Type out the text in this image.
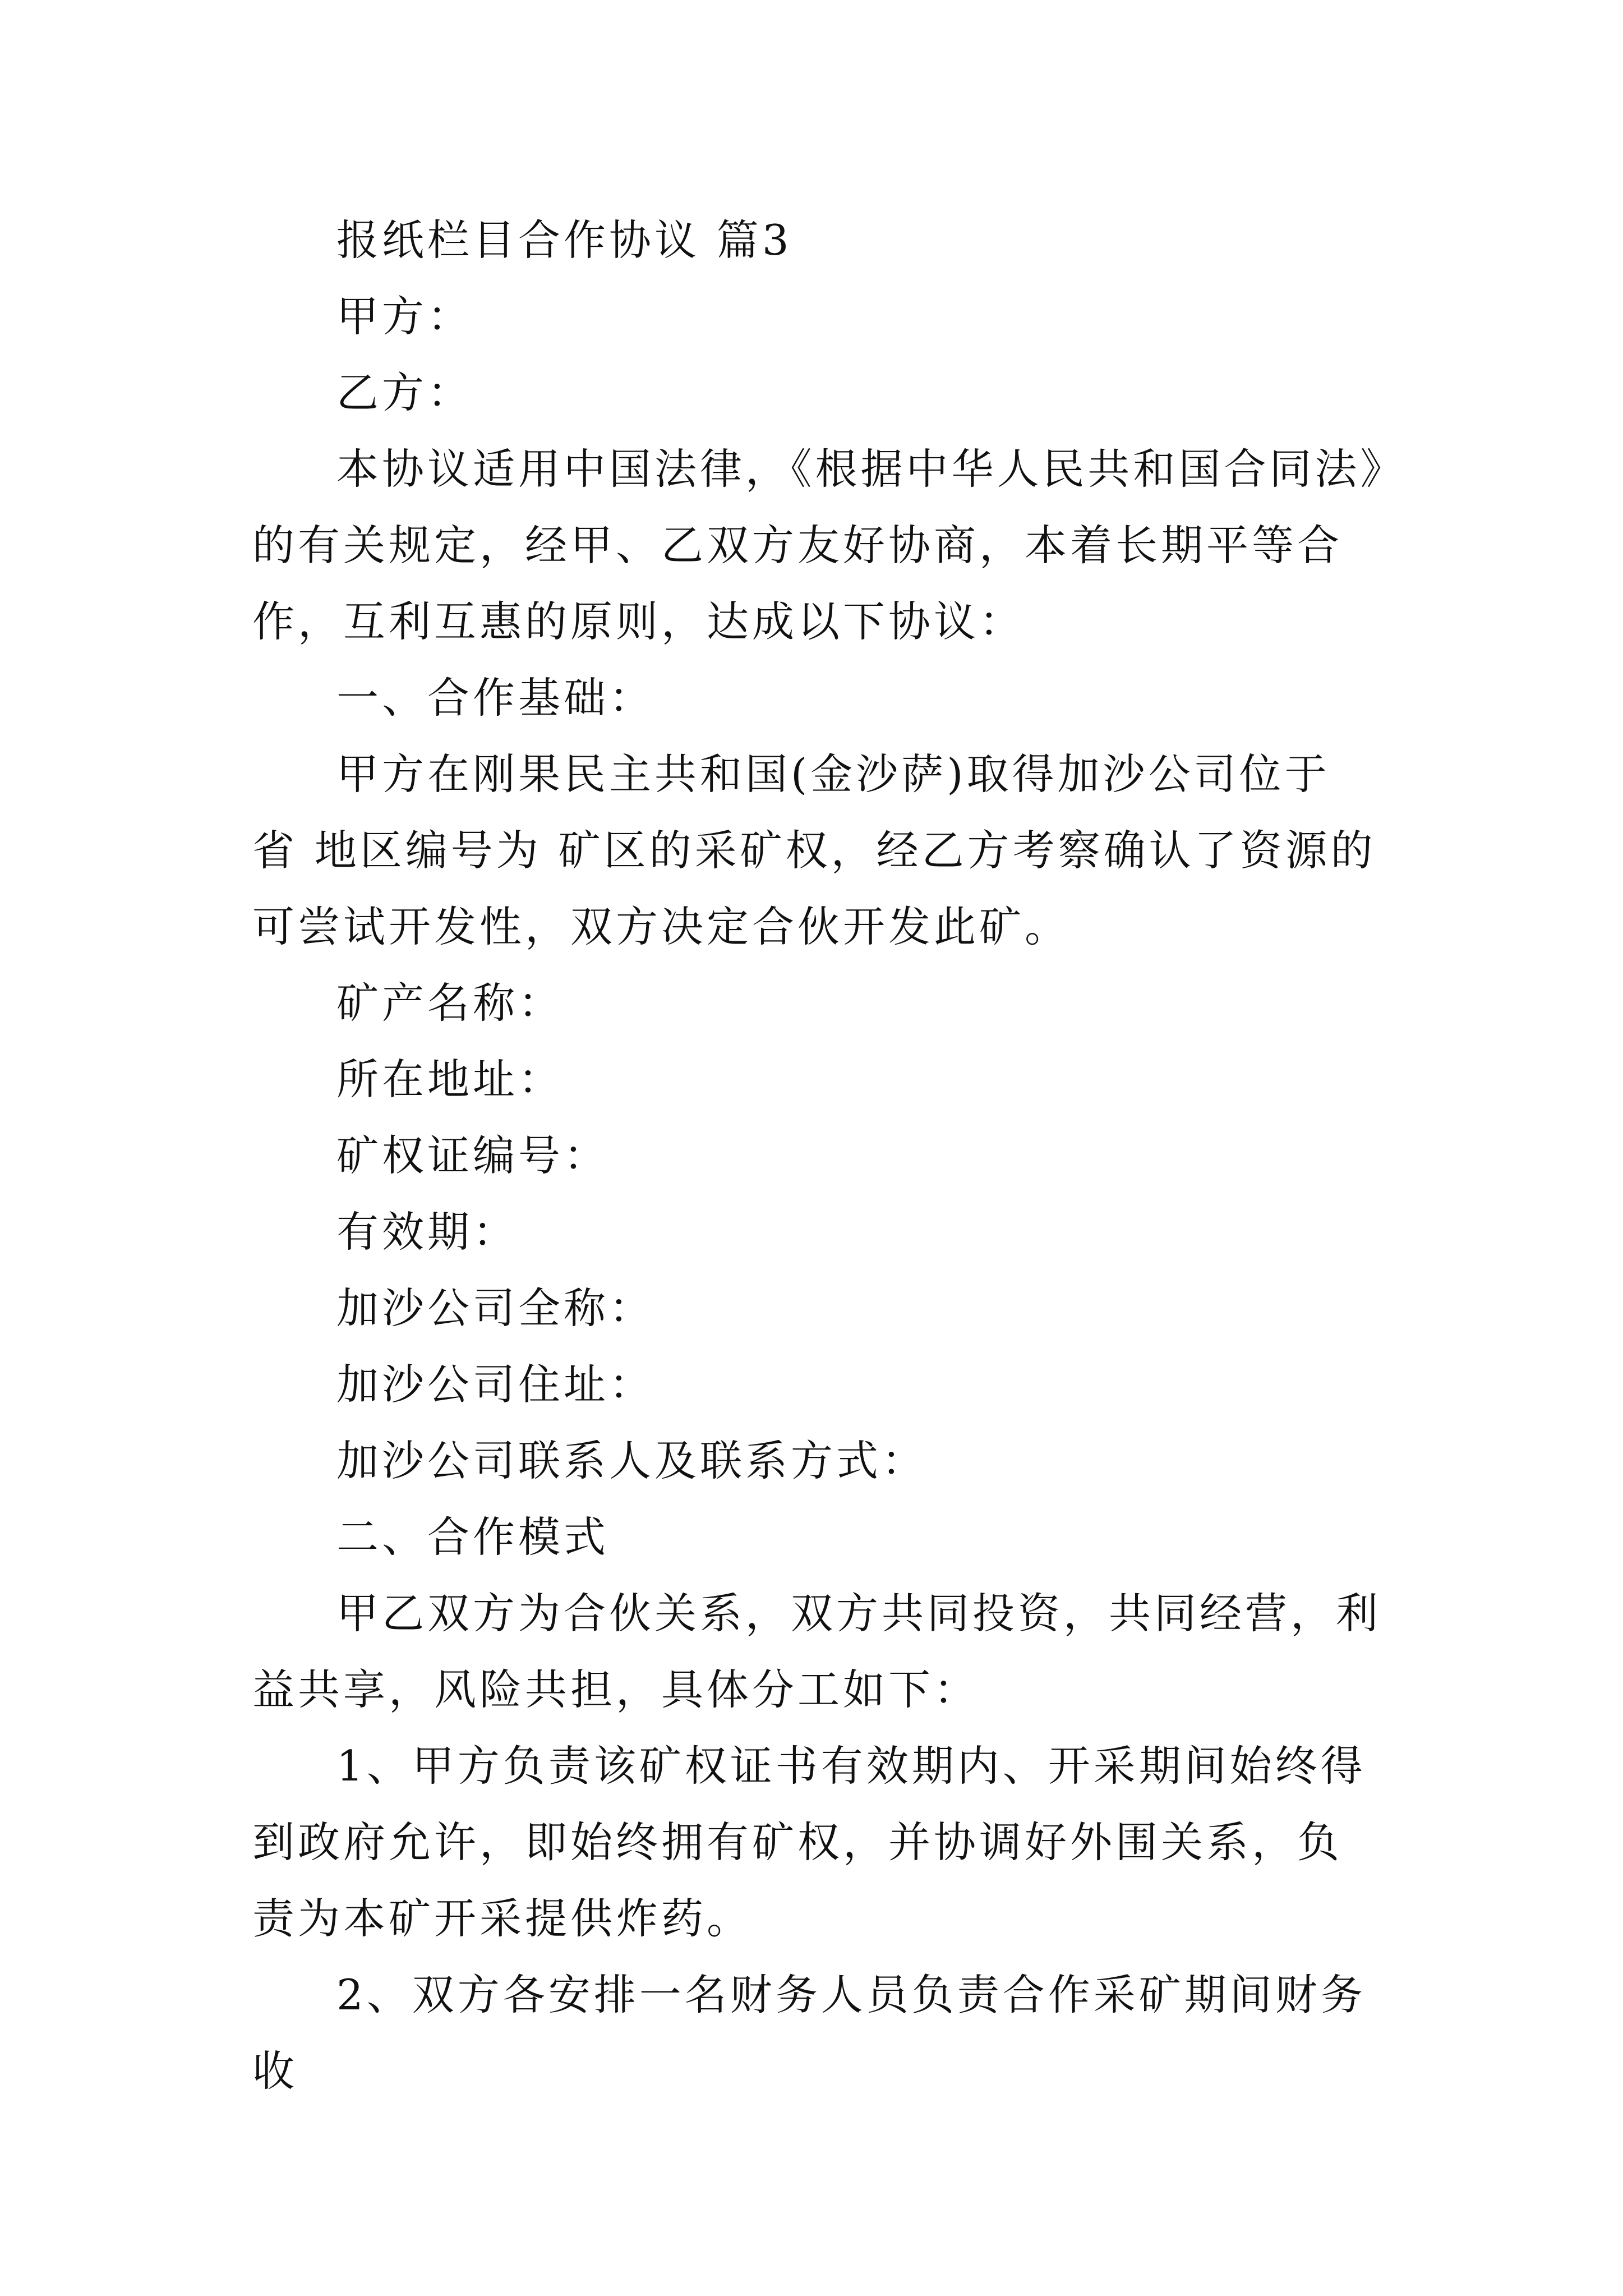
报纸栏目合作协议 篇3

甲方：

乙方：

本协议适用中国法律，《根据中华人民共和国合同法》的有关规定，经甲、乙双方友好协商，本着长期平等合作，互利互惠的原则，达成以下协议：

一、合作基础：

甲方在刚果民主共和国(金沙萨)取得加沙公司位于 省 地区编号为 矿区的采矿权，经乙方考察确认了资源的可尝试开发性，双方决定合伙开发此矿。

矿产名称：

所在地址：

矿权证编号：

有效期：

加沙公司全称：

加沙公司住址：

加沙公司联系人及联系方式：

二、合作模式

甲乙双方为合伙关系，双方共同投资，共同经营，利益共享，风险共担，具体分工如下：

1、甲方负责该矿权证书有效期内、开采期间始终得到政府允许，即始终拥有矿权，并协调好外围关系，负责为本矿开采提供炸药。

2、双方各安排一名财务人员负责合作采矿期间财务收
